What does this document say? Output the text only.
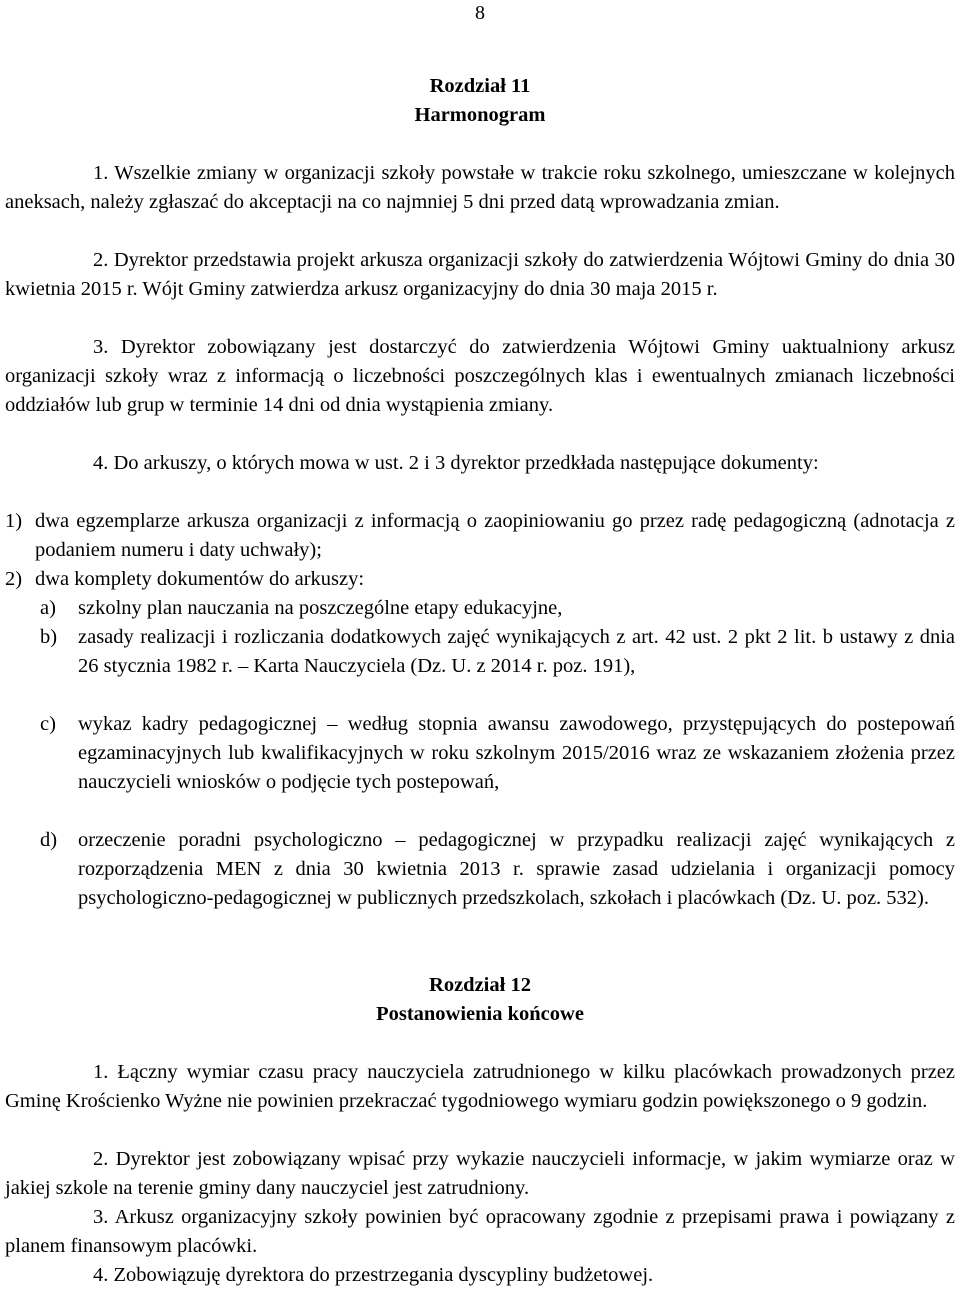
8
Rozdział 11
Harmonogram
1. Wszelkie zmiany w organizacji szkoły powstałe w trakcie roku szkolnego, umieszczane w kolejnych aneksach, należy zgłaszać do akceptacji na co najmniej 5 dni przed datą wprowadzania zmian.
2. Dyrektor przedstawia projekt arkusza organizacji szkoły do zatwierdzenia Wójtowi Gminy do dnia 30 kwietnia 2015 r. Wójt Gminy zatwierdza arkusz organizacyjny do dnia 30 maja 2015 r.
3. Dyrektor zobowiązany jest dostarczyć do zatwierdzenia Wójtowi Gminy uaktualniony arkusz organizacji szkoły wraz z informacją o liczebności poszczególnych klas i ewentualnych zmianach liczebności oddziałów lub grup w terminie 14 dni od dnia wystąpienia zmiany.
4. Do arkuszy, o których mowa w ust. 2 i 3 dyrektor przedkłada następujące dokumenty:
1) dwa egzemplarze arkusza organizacji z informacją o zaopiniowaniu go przez radę pedagogiczną (adnotacja z podaniem numeru i daty uchwały);
2) dwa komplety dokumentów do arkuszy:
a)	szkolny plan nauczania na poszczególne etapy edukacyjne,
b)	zasady realizacji i rozliczania dodatkowych zajęć wynikających z art. 42 ust. 2 pkt 2 lit. b ustawy z dnia 26 stycznia 1982 r. – Karta Nauczyciela (Dz. U. z 2014 r. poz. 191),
c)	wykaz kadry pedagogicznej – według stopnia awansu zawodowego, przystępujących do postepowań egzaminacyjnych lub kwalifikacyjnych w roku szkolnym 2015/2016 wraz ze wskazaniem złożenia przez nauczycieli wniosków o podjęcie tych postepowań,
d)	orzeczenie poradni psychologiczno – pedagogicznej w przypadku realizacji zajęć wynikających z rozporządzenia MEN z dnia 30 kwietnia 2013 r. sprawie zasad udzielania i organizacji pomocy psychologiczno-pedagogicznej w publicznych przedszkolach, szkołach i placówkach (Dz. U. poz. 532).
Rozdział 12
Postanowienia końcowe
1. Łączny wymiar czasu pracy nauczyciela zatrudnionego w kilku placówkach prowadzonych przez Gminę Krościenko Wyżne nie powinien przekraczać tygodniowego wymiaru godzin powiększonego o 9 godzin.
2. Dyrektor jest zobowiązany wpisać przy wykazie nauczycieli informacje, w jakim wymiarze oraz w jakiej szkole na terenie gminy dany nauczyciel jest zatrudniony.
3. Arkusz organizacyjny szkoły powinien być opracowany zgodnie z przepisami prawa i powiązany z planem finansowym placówki.
4. Zobowiązuję dyrektora do przestrzegania dyscypliny budżetowej.
